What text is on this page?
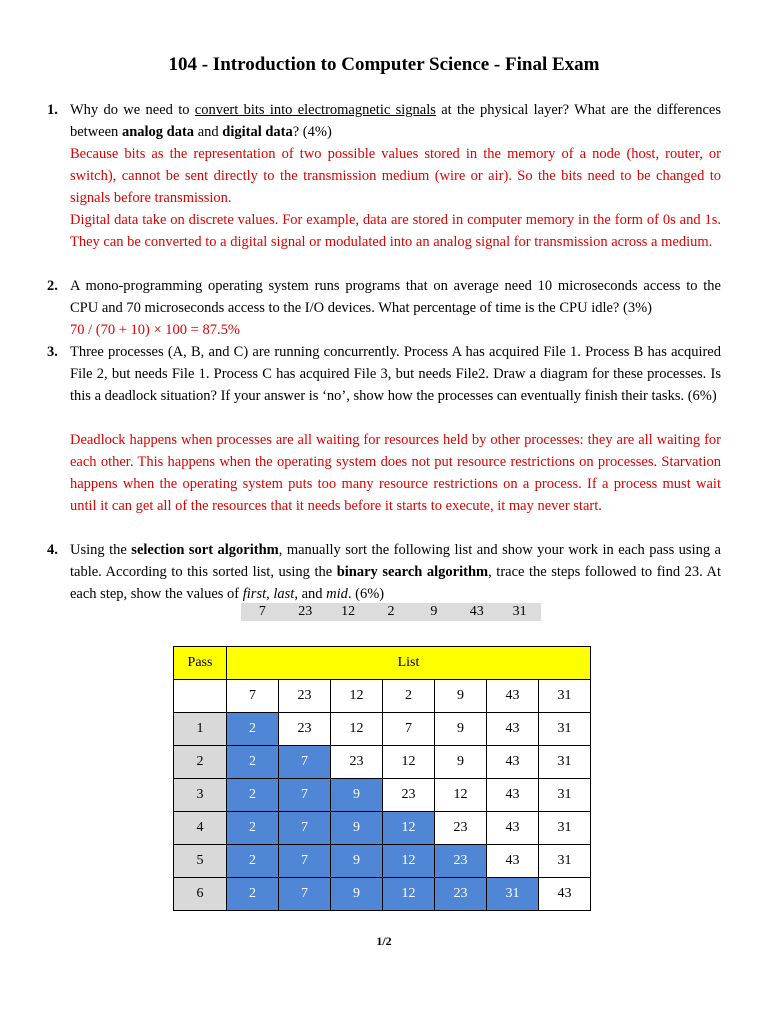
104 - Introduction to Computer Science - Final Exam
1. Why do we need to convert bits into electromagnetic signals at the physical layer? What are the differences between analog data and digital data? (4%)
Because bits as the representation of two possible values stored in the memory of a node (host, router, or switch), cannot be sent directly to the transmission medium (wire or air). So the bits need to be changed to signals before transmission.
Digital data take on discrete values. For example, data are stored in computer memory in the form of 0s and 1s. They can be converted to a digital signal or modulated into an analog signal for transmission across a medium.
2. A mono-programming operating system runs programs that on average need 10 microseconds access to the CPU and 70 microseconds access to the I/O devices. What percentage of time is the CPU idle? (3%)
70 / (70 + 10) × 100 = 87.5%
3. Three processes (A, B, and C) are running concurrently. Process A has acquired File 1. Process B has acquired File 2, but needs File 1. Process C has acquired File 3, but needs File2. Draw a diagram for these processes. Is this a deadlock situation? If your answer is ‘no’, show how the processes can eventually finish their tasks. (6%)
Deadlock happens when processes are all waiting for resources held by other processes: they are all waiting for each other. This happens when the operating system does not put resource restrictions on processes. Starvation happens when the operating system puts too many resource restrictions on a process. If a process must wait until it can get all of the resources that it needs before it starts to execute, it may never start.
4. Using the selection sort algorithm, manually sort the following list and show your work in each pass using a table. According to this sorted list, using the binary search algorithm, trace the steps followed to find 23. At each step, show the values of first, last, and mid. (6%)
7	23	12	2	9	43	31
Pass	List						
	7	23	12	2	9	43	31
1	2	23	12	7	9	43	31
2	2	7	23	12	9	43	31
3	2	7	9	23	12	43	31
4	2	7	9	12	23	43	31
5	2	7	9	12	23	43	31
6	2	7	9	12	23	31	43
1/2
